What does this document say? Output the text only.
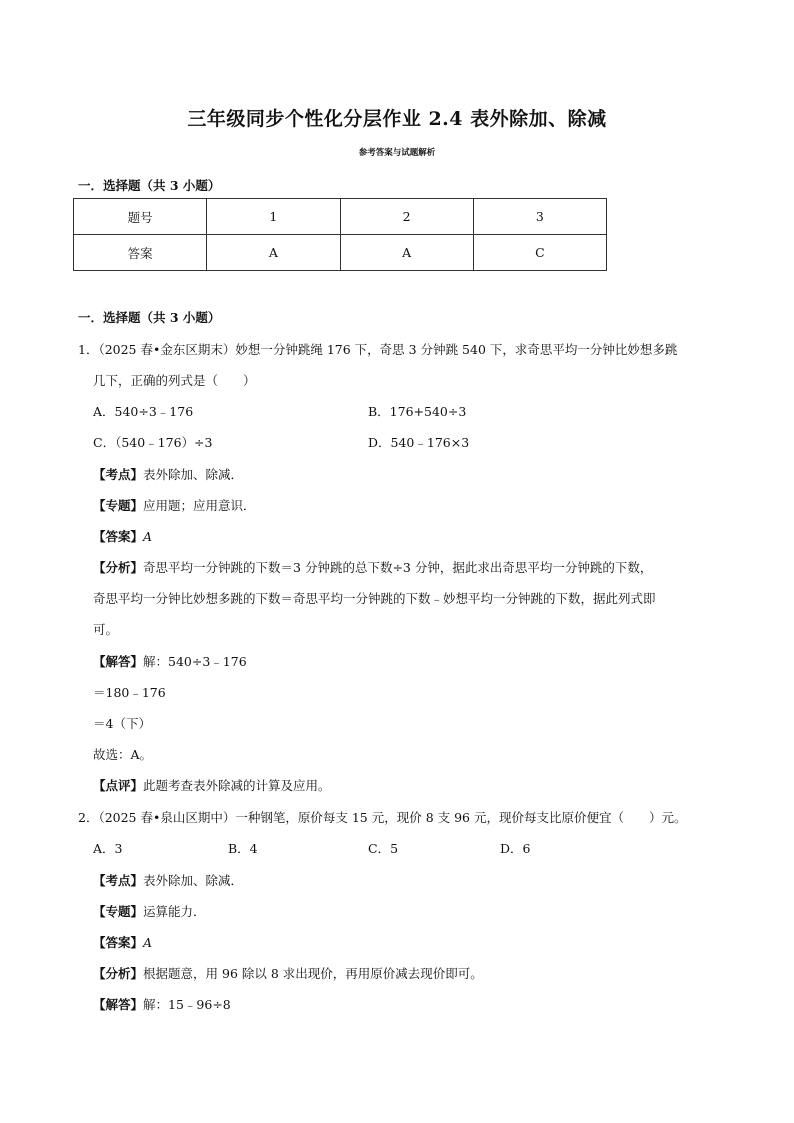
三年级同步个性化分层作业 2.4 表外除加、除减
参考答案与试题解析
一．选择题（共 3 小题）
题号	1	2	3
答案	A	A	C
一．选择题（共 3 小题）
1．（2025 春•金东区期末）妙想一分钟跳绳 176 下，奇思 3 分钟跳 540 下，求奇思平均一分钟比妙想多跳
几下，正确的列式是（　　）
A．540÷3﹣176	B．176+540÷3
C．（540﹣176）÷3	D．540﹣176×3
【考点】表外除加、除减．
【专题】应用题；应用意识．
【答案】A
【分析】奇思平均一分钟跳的下数＝3 分钟跳的总下数÷3 分钟，据此求出奇思平均一分钟跳的下数，
奇思平均一分钟比妙想多跳的下数＝奇思平均一分钟跳的下数﹣妙想平均一分钟跳的下数，据此列式即
可。
【解答】解：540÷3﹣176
＝180﹣176
＝4（下）
故选：A。
【点评】此题考查表外除减的计算及应用。
2．（2025 春•泉山区期中）一种钢笔，原价每支 15 元，现价 8 支 96 元，现价每支比原价便宜（　　）元。
A．3	B．4	C．5	D．6
【考点】表外除加、除减．
【专题】运算能力．
【答案】A
【分析】根据题意，用 96 除以 8 求出现价，再用原价减去现价即可。
【解答】解：15﹣96÷8
